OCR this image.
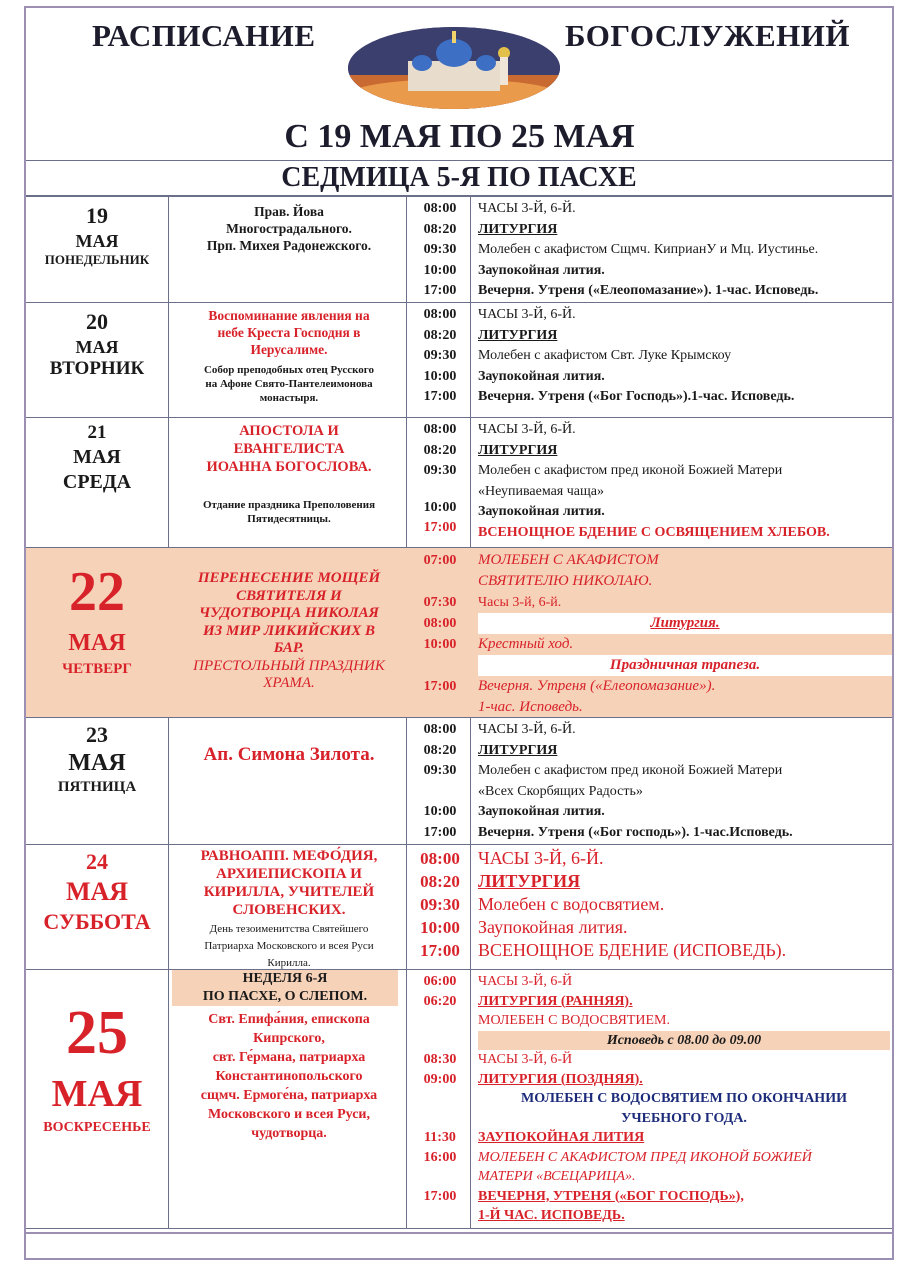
РАСПИСАНИЕ	БОГОСЛУЖЕНИЙ
С 19 МАЯ ПО 25 МАЯ
СЕДМИЦА 5-Я ПО ПАСХЕ
19
МАЯ
ПОНЕДЕЛЬНИК
Прав. Йова
Многострадального.
Прп. Михея Радонежского.
08:00
08:20
09:30
10:00
17:00
ЧАСЫ 3-Й, 6-Й.
ЛИТУРГИЯ
Молебен с акафистом Сщмч. КиприанУ и Мц. Иустинье.
Заупокойная лития.
Вечерня. Утреня («Елеопомазание»). 1-час. Исповедь.
20
МАЯ
ВТОРНИК
Воспоминание явления на
небе Креста Господня в
Иерусалиме.
Собор преподобных отец Русского
на Афоне Свято-Пантелеимонова
монастыря.
08:00
08:20
09:30
10:00
17:00
ЧАСЫ 3-Й, 6-Й.
ЛИТУРГИЯ
Молебен с акафистом Свт. Луке Крымскоу
Заупокойная лития.
Вечерня. Утреня («Бог Господь»).1-час. Исповедь.
21
МАЯ
СРЕДА
АПОСТОЛА И
ЕВАНГЕЛИСТА
ИОАННА БОГОСЛОВА.
Отдание праздника Преполовения
Пятидесятницы.
08:00
08:20
09:30
10:00
17:00
ЧАСЫ 3-Й, 6-Й.
ЛИТУРГИЯ
Молебен с акафистом пред иконой Божией Матери
«Неупиваемая чаща»
Заупокойная лития.
ВСЕНОЩНОЕ БДЕНИЕ С ОСВЯЩЕНИЕМ ХЛЕБОВ.
22
МАЯ
ЧЕТВЕРГ
ПЕРЕНЕСЕНИЕ МОЩЕЙ
СВЯТИТЕЛЯ И
ЧУДОТВОРЦА НИКОЛАЯ
ИЗ МИР ЛИКИЙСКИХ В
БАР.
ПРЕСТОЛЬНЫЙ ПРАЗДНИК
ХРАМА.
07:00
07:30
08:00
10:00
17:00
МОЛЕБЕН С АКАФИСТОМ
СВЯТИТЕЛЮ НИКОЛАЮ.
Часы 3-й, 6-й.
Литургия.
Крестный ход.
Праздничная трапеза.
Вечерня. Утреня («Елеопомазание»).
1-час. Исповедь.
23
МАЯ
ПЯТНИЦА
Ап. Симона Зилота.
08:00
08:20
09:30
10:00
17:00
ЧАСЫ 3-Й, 6-Й.
ЛИТУРГИЯ
Молебен с акафистом пред иконой Божией Матери
«Всех Скорбящих Радость»
Заупокойная лития.
Вечерня. Утреня («Бог господь»). 1-час.Исповедь.
24
МАЯ
СУББОТА
РАВНОАПП. МЕФО́ДИЯ,
АРХИЕПИСКОПА И
КИРИЛЛА, УЧИТЕЛЕЙ
СЛОВЕНСКИХ.
День тезоименитства Святейшего
Патриарха Московского и всея Руси
Кирилла.
08:00
08:20
09:30
10:00
17:00
ЧАСЫ 3-Й, 6-Й.
ЛИТУРГИЯ
Молебен с водосвятием.
Заупокойная лития.
ВСЕНОЩНОЕ БДЕНИЕ (ИСПОВЕДЬ).
25
МАЯ
ВОСКРЕСЕНЬЕ
НЕДЕЛЯ 6-Я
ПО ПАСХЕ, О СЛЕПОМ.
Свт. Епифа́ния, епископа
Кипрского,
свт. Ге́рмана, патриарха
Константинопольского
сщмч. Ермоге́на, патриарха
Московского и всея Руси,
чудотворца.
06:00
06:20
08:30
09:00
11:30
16:00
17:00
ЧАСЫ 3-Й, 6-Й
ЛИТУРГИЯ (РАННЯЯ).
МОЛЕБЕН С ВОДОСВЯТИЕМ.
Исповедь с 08.00 до 09.00
ЧАСЫ 3-Й, 6-Й
ЛИТУРГИЯ (ПОЗДНЯЯ).
МОЛЕБЕН С ВОДОСВЯТИЕМ ПО ОКОНЧАНИИ
УЧЕБНОГО ГОДА.
ЗАУПОКОЙНАЯ ЛИТИЯ
МОЛЕБЕН С АКАФИСТОМ ПРЕД ИКОНОЙ БОЖИЕЙ
МАТЕРИ «ВСЕЦАРИЦА».
ВЕЧЕРНЯ, УТРЕНЯ («БОГ ГОСПОДЬ»),
1-Й ЧАС. ИСПОВЕДЬ.
